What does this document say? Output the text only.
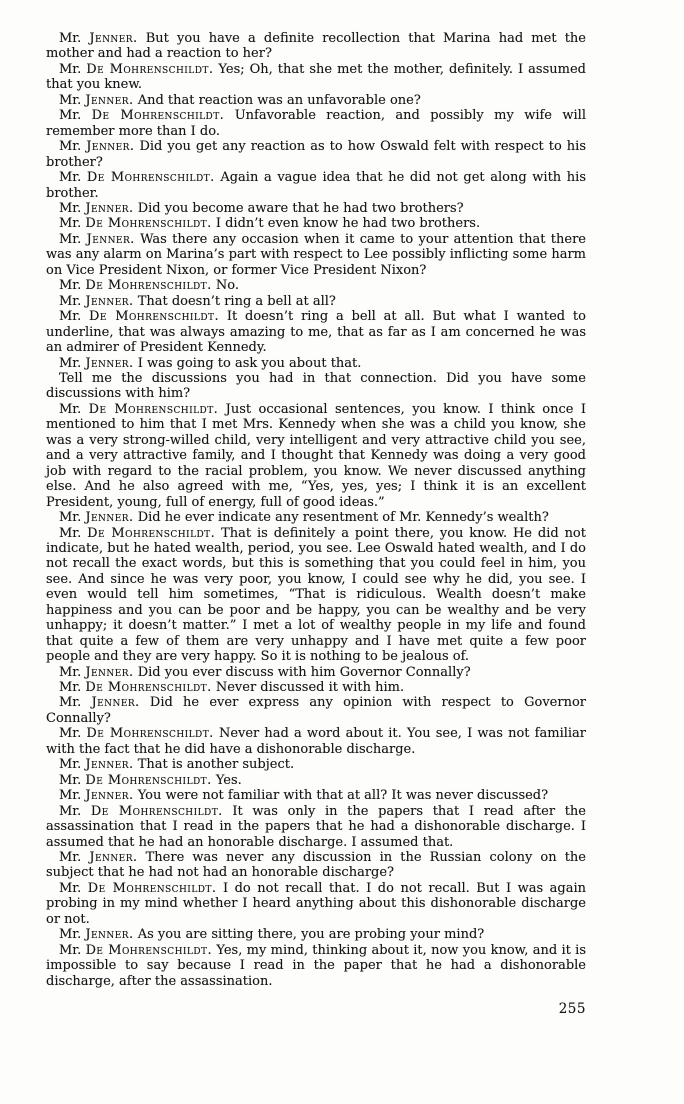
Mr. Jenner. But you have a definite recollection that Marina had met the mother and had a reaction to her?

Mr. De Mohrenschildt. Yes; Oh, that she met the mother, definitely. I assumed that you knew.

Mr. Jenner. And that reaction was an unfavorable one?

Mr. De Mohrenschildt. Unfavorable reaction, and possibly my wife will remember more than I do.

Mr. Jenner. Did you get any reaction as to how Oswald felt with respect to his brother?

Mr. De Mohrenschildt. Again a vague idea that he did not get along with his brother.

Mr. Jenner. Did you become aware that he had two brothers?

Mr. De Mohrenschildt. I didn’t even know he had two brothers.

Mr. Jenner. Was there any occasion when it came to your attention that there was any alarm on Marina’s part with respect to Lee possibly inflicting some harm on Vice President Nixon, or former Vice President Nixon?

Mr. De Mohrenschildt. No.

Mr. Jenner. That doesn’t ring a bell at all?

Mr. De Mohrenschildt. It doesn’t ring a bell at all. But what I wanted to underline, that was always amazing to me, that as far as I am concerned he was an admirer of President Kennedy.

Mr. Jenner. I was going to ask you about that.

Tell me the discussions you had in that connection. Did you have some discussions with him?

Mr. De Mohrenschildt. Just occasional sentences, you know. I think once I mentioned to him that I met Mrs. Kennedy when she was a child you know, she was a very strong-willed child, very intelligent and very attractive child you see, and a very attractive family, and I thought that Kennedy was doing a very good job with regard to the racial problem, you know. We never discussed anything else. And he also agreed with me, “Yes, yes, yes; I think it is an excellent President, young, full of energy, full of good ideas.”

Mr. Jenner. Did he ever indicate any resentment of Mr. Kennedy’s wealth?

Mr. De Mohrenschildt. That is definitely a point there, you know. He did not indicate, but he hated wealth, period, you see. Lee Oswald hated wealth, and I do not recall the exact words, but this is something that you could feel in him, you see. And since he was very poor, you know, I could see why he did, you see. I even would tell him sometimes, “That is ridiculous. Wealth doesn’t make happiness and you can be poor and be happy, you can be wealthy and be very unhappy; it doesn’t matter.” I met a lot of wealthy people in my life and found that quite a few of them are very unhappy and I have met quite a few poor people and they are very happy. So it is nothing to be jealous of.

Mr. Jenner. Did you ever discuss with him Governor Connally?

Mr. De Mohrenschildt. Never discussed it with him.

Mr. Jenner. Did he ever express any opinion with respect to Governor Connally?

Mr. De Mohrenschildt. Never had a word about it. You see, I was not familiar with the fact that he did have a dishonorable discharge.

Mr. Jenner. That is another subject.

Mr. De Mohrenschildt. Yes.

Mr. Jenner. You were not familiar with that at all? It was never discussed?

Mr. De Mohrenschildt. It was only in the papers that I read after the assassination that I read in the papers that he had a dishonorable discharge. I assumed that he had an honorable discharge. I assumed that.

Mr. Jenner. There was never any discussion in the Russian colony on the subject that he had not had an honorable discharge?

Mr. De Mohrenschildt. I do not recall that. I do not recall. But I was again probing in my mind whether I heard anything about this dishonorable discharge or not.

Mr. Jenner. As you are sitting there, you are probing your mind?

Mr. De Mohrenschildt. Yes, my mind, thinking about it, now you know, and it is impossible to say because I read in the paper that he had a dishonorable discharge, after the assassination.

255
